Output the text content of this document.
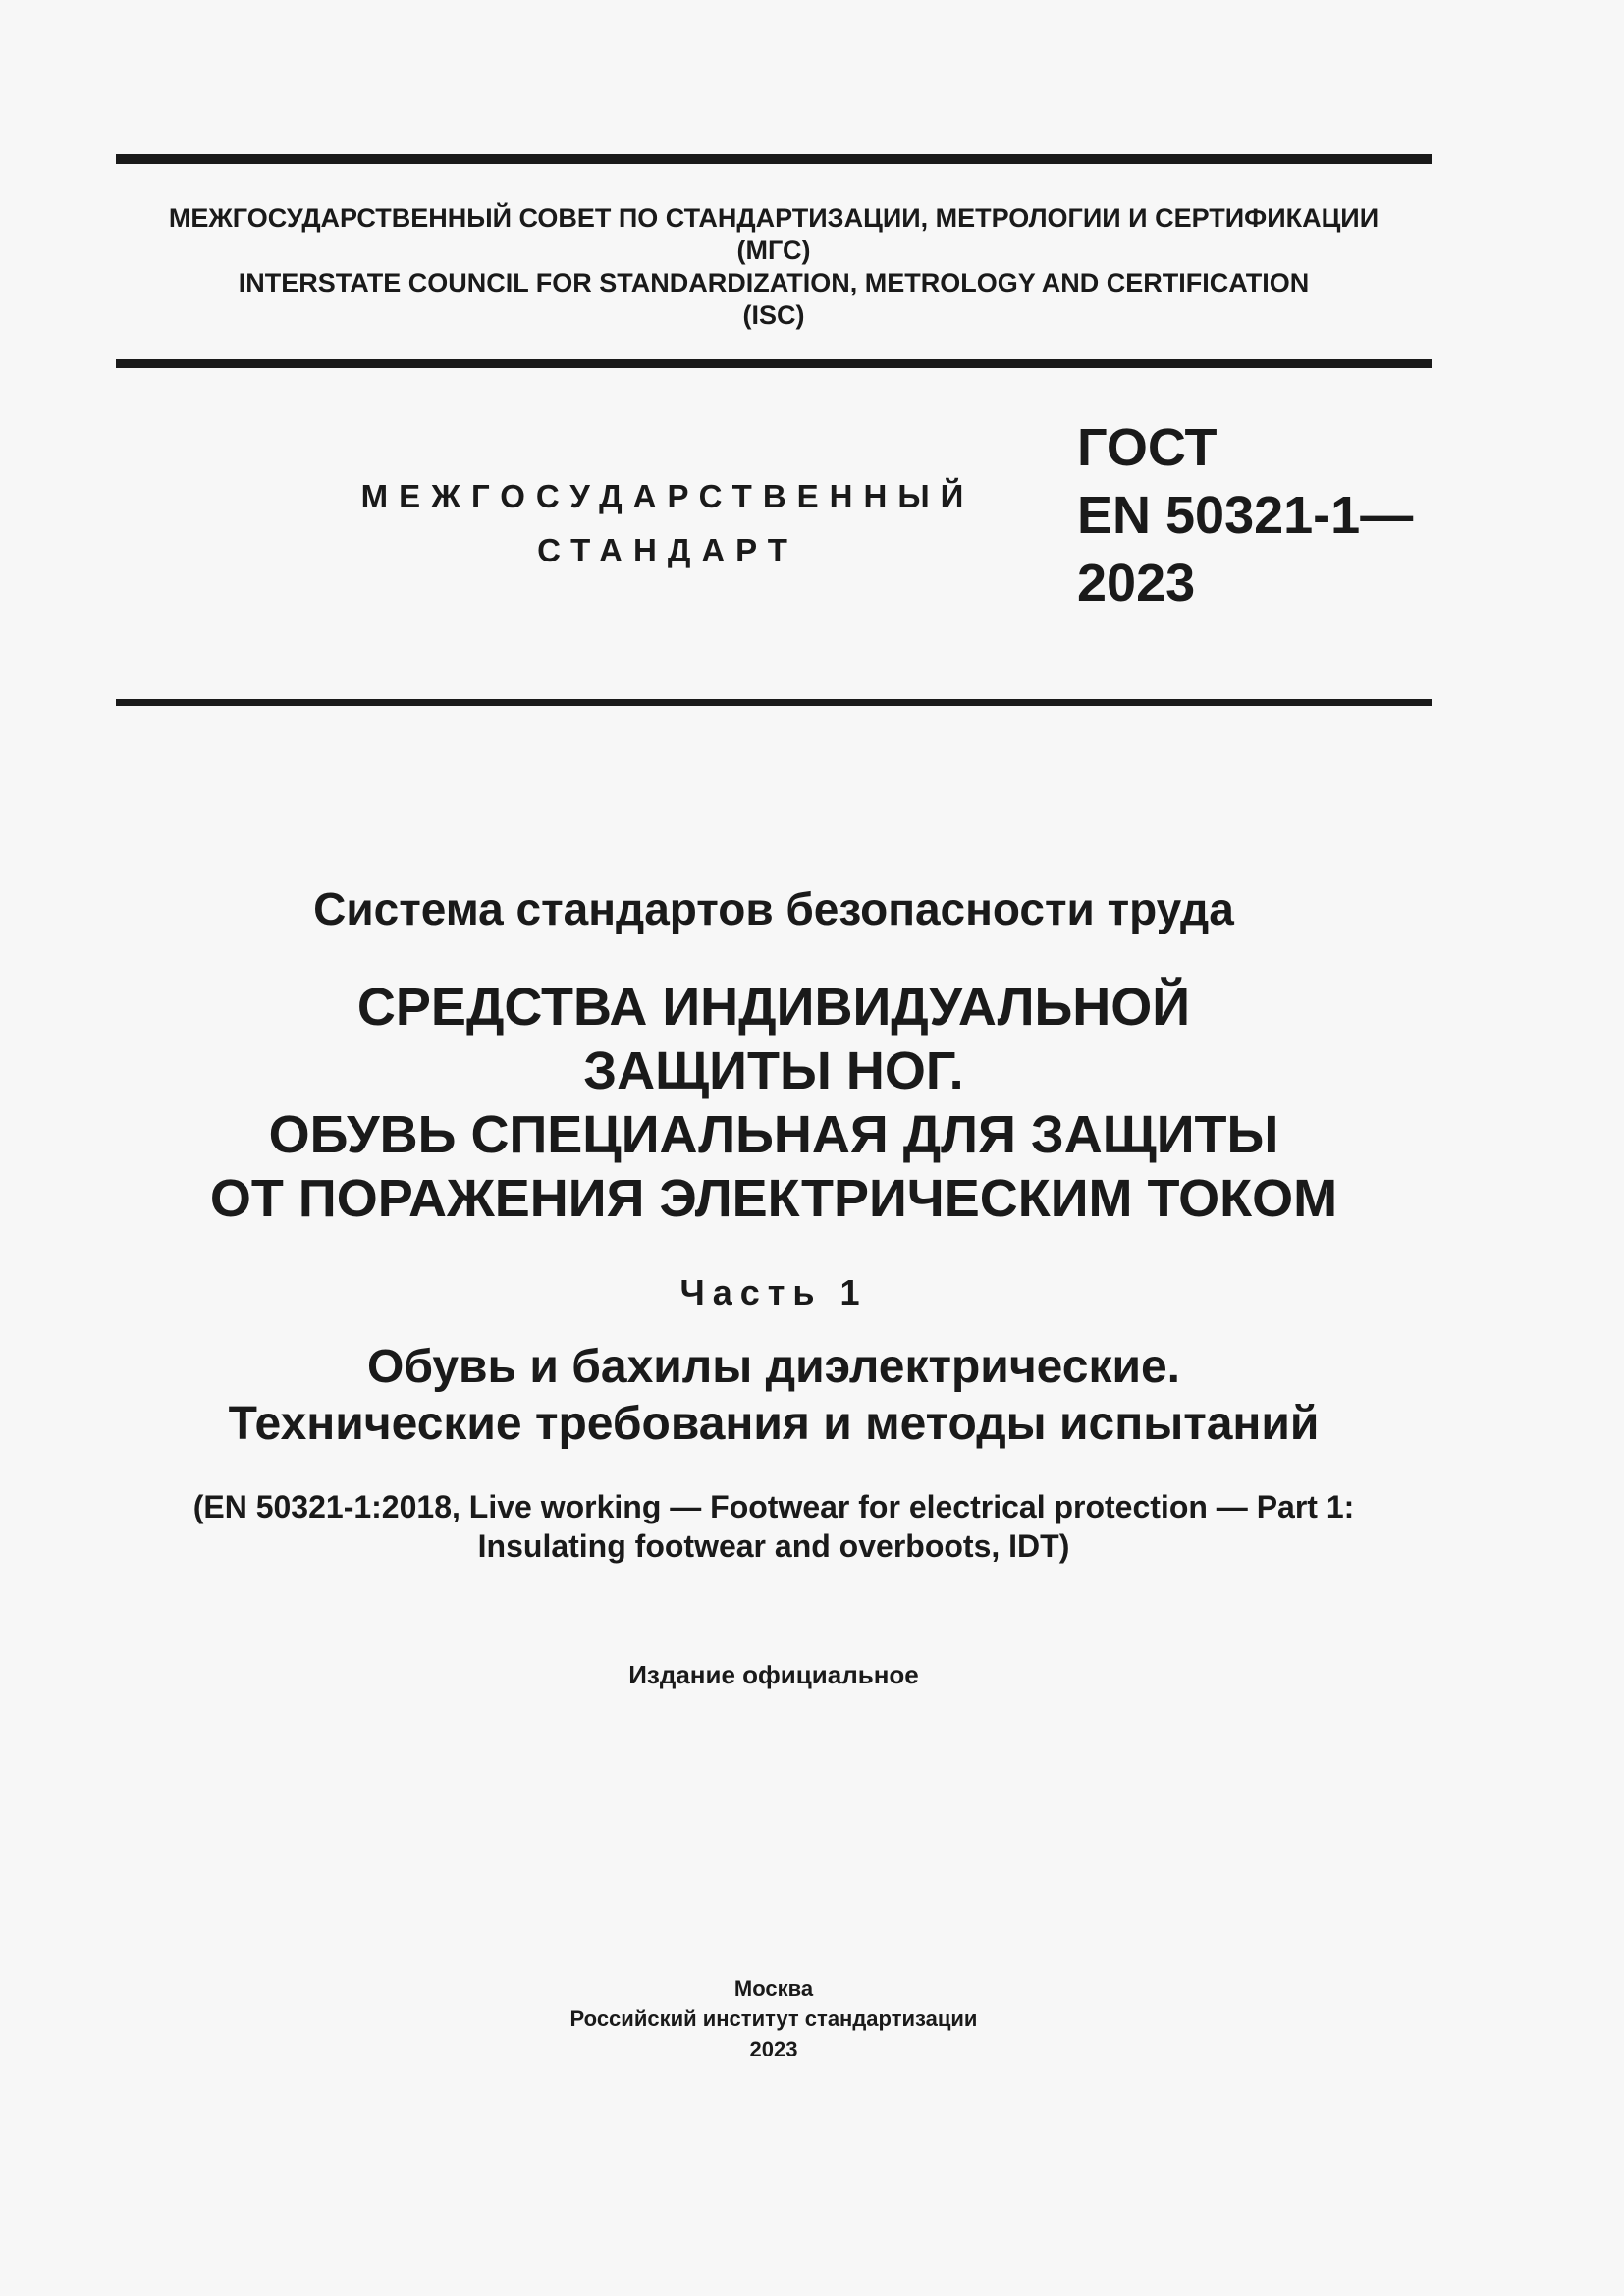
МЕЖГОСУДАРСТВЕННЫЙ СОВЕТ ПО СТАНДАРТИЗАЦИИ, МЕТРОЛОГИИ И СЕРТИФИКАЦИИ
(МГС)
INTERSTATE COUNCIL FOR STANDARDIZATION, METROLOGY AND CERTIFICATION
(ISC)
МЕЖГОСУДАРСТВЕННЫЙ
СТАНДАРТ
ГОСТ
EN 50321-1—
2023
Система стандартов безопасности труда
СРЕДСТВА ИНДИВИДУАЛЬНОЙ
ЗАЩИТЫ НОГ.
ОБУВЬ СПЕЦИАЛЬНАЯ ДЛЯ ЗАЩИТЫ
ОТ ПОРАЖЕНИЯ ЭЛЕКТРИЧЕСКИМ ТОКОМ
Часть 1
Обувь и бахилы диэлектрические.
Технические требования и методы испытаний
(EN 50321-1:2018, Live working — Footwear for electrical protection — Part 1:
Insulating footwear and overboots, IDT)
Издание официальное
Москва
Российский институт стандартизации
2023
